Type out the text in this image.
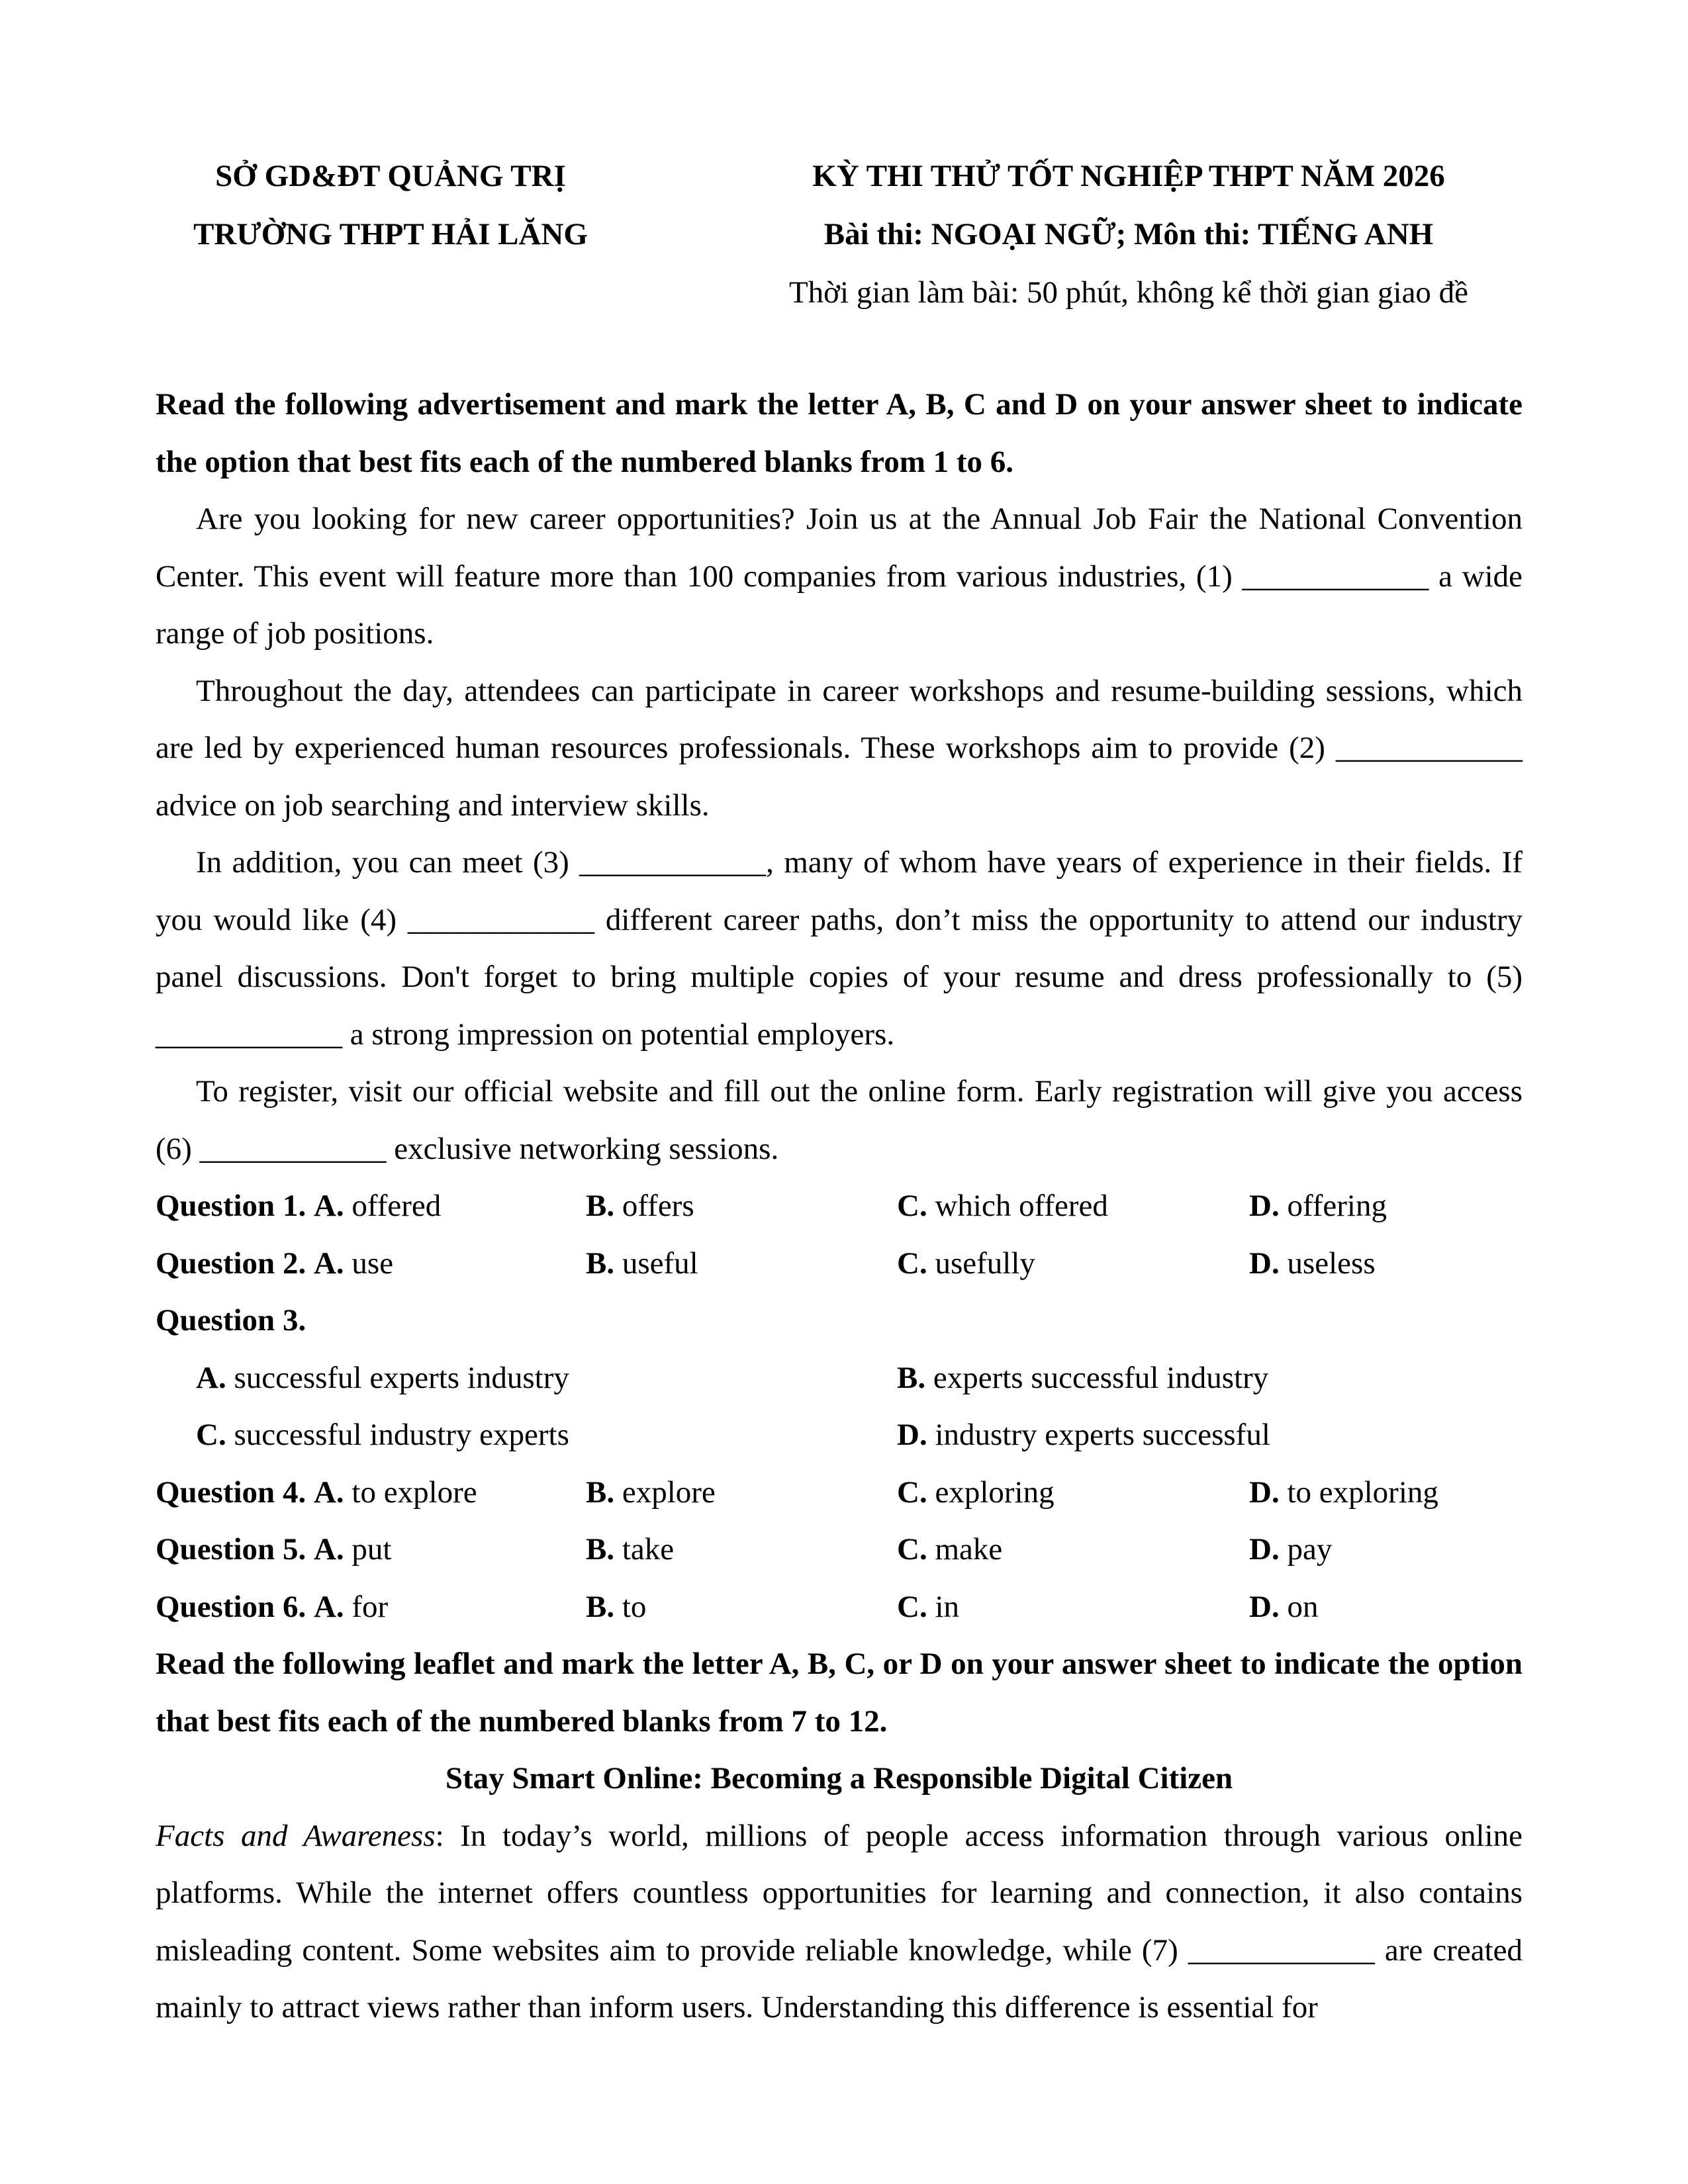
SỞ GD&ĐT QUẢNG TRỊ
TRƯỜNG THPT HẢI LĂNG
KỲ THI THỬ TỐT NGHIỆP THPT NĂM 2026
Bài thi: NGOẠI NGỮ; Môn thi: TIẾNG ANH
Thời gian làm bài: 50 phút, không kể thời gian giao đề

Read the following advertisement and mark the letter A, B, C and D on your answer sheet to indicate the option that best fits each of the numbered blanks from 1 to 6.

Are you looking for new career opportunities? Join us at the Annual Job Fair the National Convention Center. This event will feature more than 100 companies from various industries, (1) ____________ a wide range of job positions.

Throughout the day, attendees can participate in career workshops and resume-building sessions, which are led by experienced human resources professionals. These workshops aim to provide (2) ____________ advice on job searching and interview skills.

In addition, you can meet (3) ____________, many of whom have years of experience in their fields. If you would like (4) ____________ different career paths, don’t miss the opportunity to attend our industry panel discussions. Don't forget to bring multiple copies of your resume and dress professionally to (5) ____________ a strong impression on potential employers.

To register, visit our official website and fill out the online form. Early registration will give you access (6) ____________ exclusive networking sessions.

Question 1. A. offered	B. offers	C. which offered	D. offering
Question 2. A. use	B. useful	C. usefully	D. useless
Question 3.
A. successful experts industry	B. experts successful industry
C. successful industry experts	D. industry experts successful
Question 4. A. to explore	B. explore	C. exploring	D. to exploring
Question 5. A. put	B. take	C. make	D. pay
Question 6. A. for	B. to	C. in	D. on

Read the following leaflet and mark the letter A, B, C, or D on your answer sheet to indicate the option that best fits each of the numbered blanks from 7 to 12.

Stay Smart Online: Becoming a Responsible Digital Citizen

Facts and Awareness: In today’s world, millions of people access information through various online platforms. While the internet offers countless opportunities for learning and connection, it also contains misleading content. Some websites aim to provide reliable knowledge, while (7) ____________ are created mainly to attract views rather than inform users. Understanding this difference is essential for
